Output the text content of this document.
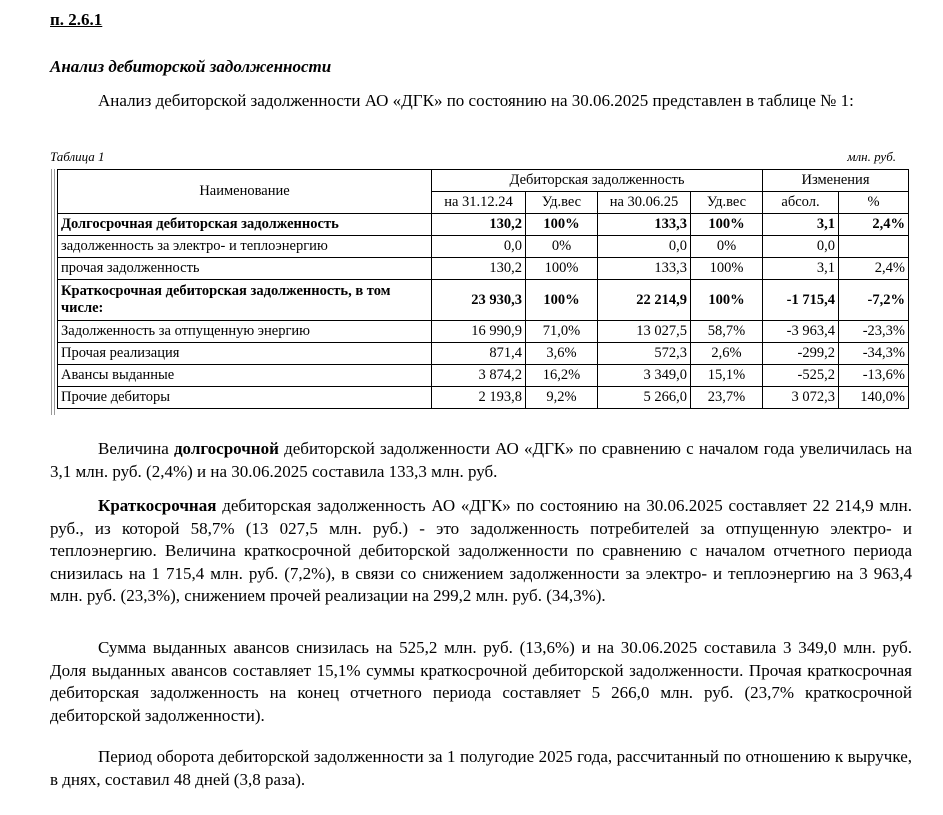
п. 2.6.1
Анализ дебиторской задолженности

Анализ дебиторской задолженности АО «ДГК» по состоянию на 30.06.2025 представлен в таблице № 1:

Таблица 1	млн. руб.
Наименование	Дебиторская задолженность				Изменения	
	на 31.12.24	Уд.вес	на 30.06.25	Уд.вес	абсол.	%
Долгосрочная дебиторская задолженность	130,2	100%	133,3	100%	3,1	2,4%
задолженность за электро- и теплоэнергию	0,0	0%	0,0	0%	0,0	
прочая задолженность	130,2	100%	133,3	100%	3,1	2,4%
Краткосрочная дебиторская задолженность, в том числе:	23 930,3	100%	22 214,9	100%	-1 715,4	-7,2%
Задолженность за отпущенную энергию	16 990,9	71,0%	13 027,5	58,7%	-3 963,4	-23,3%
Прочая реализация	871,4	3,6%	572,3	2,6%	-299,2	-34,3%
Авансы выданные	3 874,2	16,2%	3 349,0	15,1%	-525,2	-13,6%
Прочие дебиторы	2 193,8	9,2%	5 266,0	23,7%	3 072,3	140,0%

Величина долгосрочной дебиторской задолженности АО «ДГК» по сравнению с началом года увеличилась на 3,1 млн. руб. (2,4%) и на 30.06.2025 составила 133,3 млн. руб.

Краткосрочная дебиторская задолженность АО «ДГК» по состоянию на 30.06.2025 составляет 22 214,9 млн. руб., из которой 58,7% (13 027,5 млн. руб.) - это задолженность потребителей за отпущенную электро- и теплоэнергию. Величина краткосрочной дебиторской задолженности по сравнению с началом отчетного периода снизилась на 1 715,4 млн. руб. (7,2%), в связи со снижением задолженности за электро- и теплоэнергию на 3 963,4 млн. руб. (23,3%), снижением прочей реализации на 299,2 млн. руб. (34,3%).

Сумма выданных авансов снизилась на 525,2 млн. руб. (13,6%) и на 30.06.2025 составила 3 349,0 млн. руб. Доля выданных авансов составляет 15,1% суммы краткосрочной дебиторской задолженности. Прочая краткосрочная дебиторская задолженность на конец отчетного периода составляет 5 266,0 млн. руб. (23,7% краткосрочной дебиторской задолженности).

Период оборота дебиторской задолженности за 1 полугодие 2025 года, рассчитанный по отношению к выручке, в днях, составил 48 дней (3,8 раза).
